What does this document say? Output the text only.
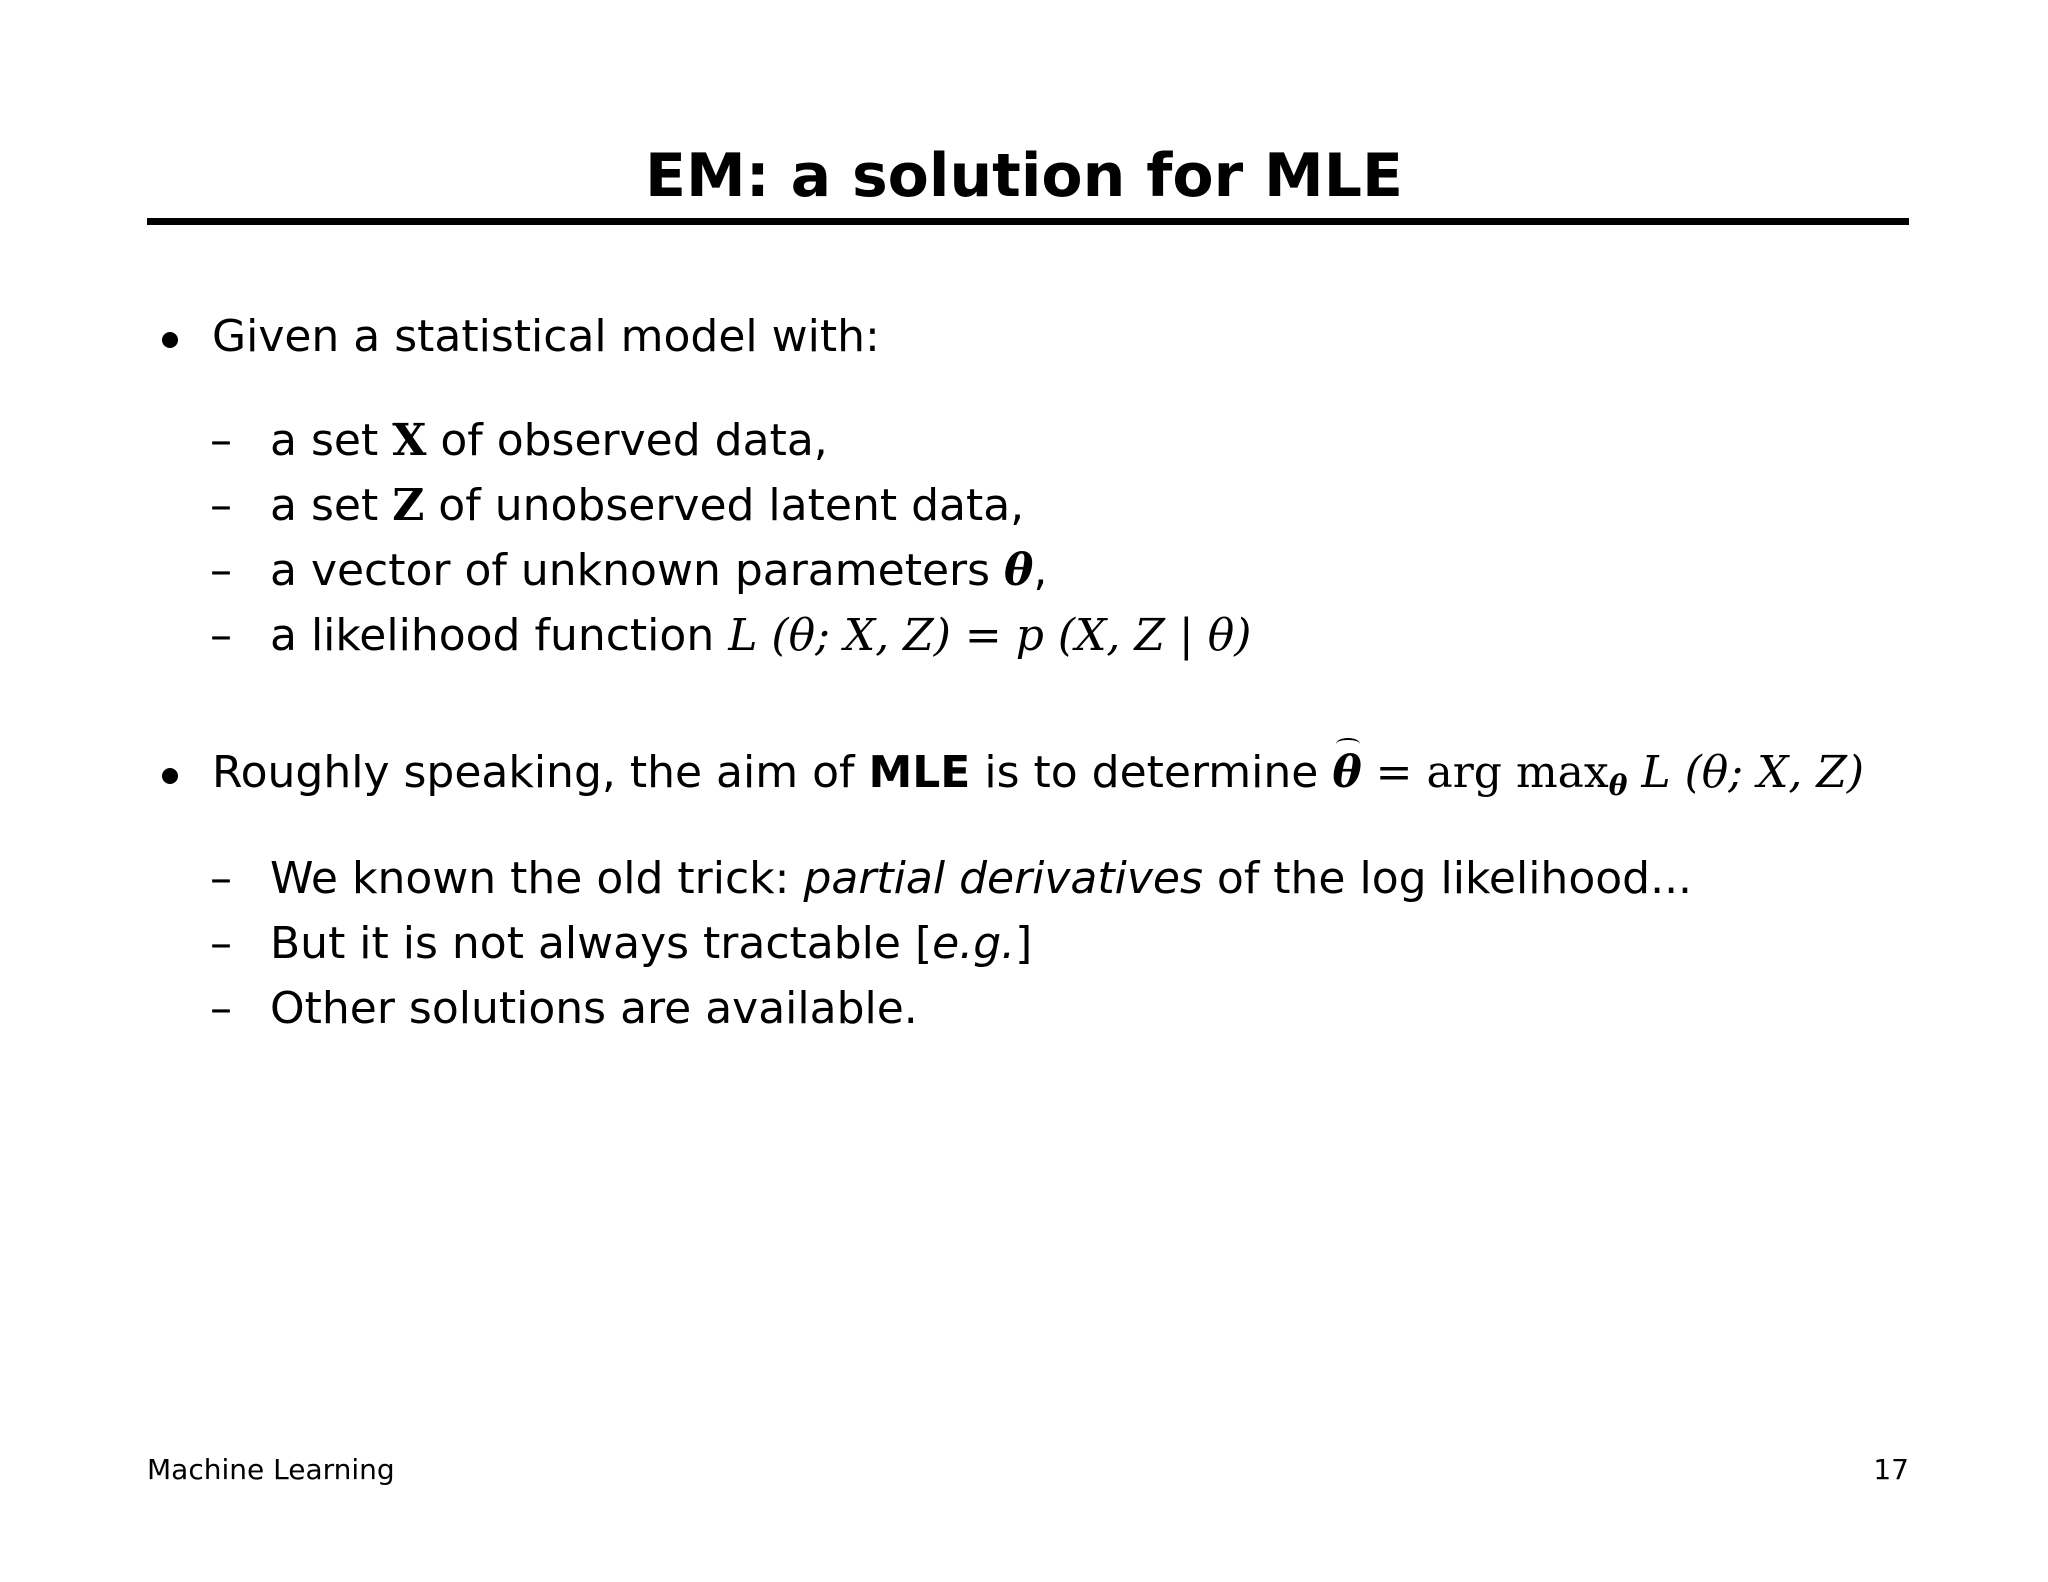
EM: a solution for MLE
Given a statistical model with:
– a set X of observed data,
– a set Z of unobserved latent data,
– a vector of unknown parameters θ,
– a likelihood function L (θ; X, Z) = p (X, Z | θ)
Roughly speaking, the aim of MLE is to determine θ = arg maxθ L (θ; X, Z)
– We known the old trick: partial derivatives of the log likelihood...
– But it is not always tractable [e.g.]
– Other solutions are available.
Machine Learning	17
